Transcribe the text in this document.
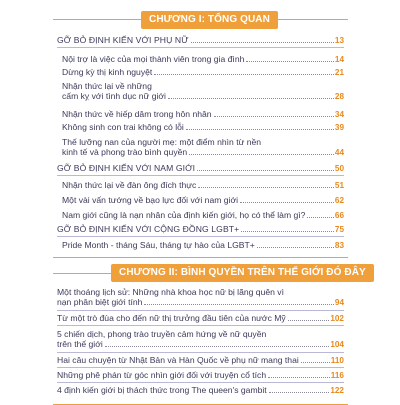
CHƯƠNG I: TỔNG QUAN
GỠ BỎ ĐỊNH KIẾN VỚI PHỤ NỮ	13
Nội trợ là việc của mọi thành viên trong gia đình	14
Dừng kỳ thị kinh nguyệt	21
Nhận thức lại về những
cấm kỵ với tình dục nữ giới	28
Nhận thức về hiếp dâm trong hôn nhân	34
Không sinh con trai không có lỗi	39
Thế lưỡng nan của người mẹ: một điểm nhìn từ nền
kinh tế và phong trào bình quyền	44
GỠ BỎ ĐỊNH KIẾN VỚI NAM GIỚI	50
Nhận thức lại về đàn ông đích thực	51
Một vài vấn tướng về bạo lực đối với nam giới	62
Nam giới cũng là nạn nhân của định kiến giới, họ có thể làm gì?	66
GỠ BỎ ĐỊNH KIẾN VỚI CỘNG ĐỒNG LGBT+	75
Pride Month - tháng Sáu, tháng tự hào của LGBT+	83
CHƯƠNG II: BÌNH QUYỀN TRÊN THẾ GIỚI ĐÓ ĐÂY
Một thoáng lịch sử: Những nhà khoa học nữ bị lãng quên vì
nạn phân biệt giới tính	94
Từ một trò đùa cho đến nữ thị trưởng đầu tiên của nước Mỹ	102
5 chiến dịch, phong trào truyền cảm hứng về nữ quyền
trên thế giới	104
Hai câu chuyện từ Nhật Bản và Hàn Quốc về phụ nữ mang thai	110
Những phê phán từ góc nhìn giới đối với truyện cổ tích	116
4 định kiến giới bị thách thức trong The queen's gambit	122
